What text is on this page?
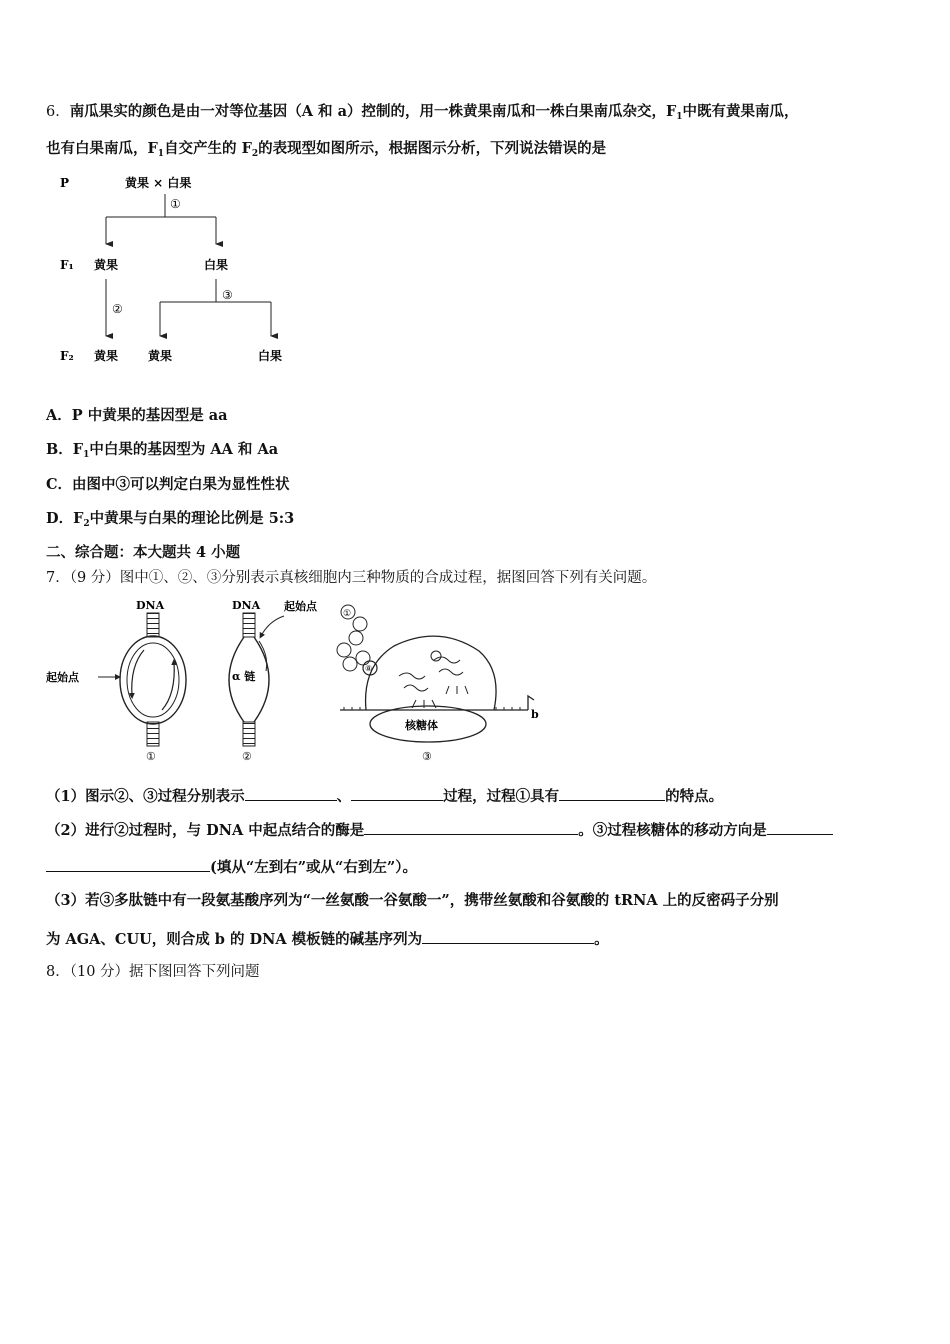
6．南瓜果实的颜色是由一对等位基因（A 和 a）控制的，用一株黄果南瓜和一株白果南瓜杂交，$F_1$中既有黄果南瓜，
也有白果南瓜，$F_1$自交产生的 $F_2$的表现型如图所示，根据图示分析，下列说法错误的是
P	黄果 × 白果
①
F₁ 黄果	白果
②
③
F₂ 黄果 黄果	白果
A．P 中黄果的基因型是 aa
B．$F_1$中白果的基因型为 AA 和 Aa
C．由图中③可以判定白果为显性性状
D．$F_2$中黄果与白果的理论比例是 5:3
二、综合题：本大题共 4 小题
7．（9 分）图中①、②、③分别表示真核细胞内三种物质的合成过程，据图回答下列有关问题。
DNA
起始点
①
DNA
α 链
起始点
②
①
⑧
核糖体
③
b
（1）图示②、③过程分别表示	、	过程，过程①具有	的特点。
（2）进行②过程时，与 DNA 中起点结合的酶是	。③过程核糖体的移动方向是
(填从“左到右”或从“右到左”）。
（3）若③多肽链中有一段氨基酸序列为“一丝氨酸一谷氨酸一”，携带丝氨酸和谷氨酸的 tRNA 上的反密码子分别
为 AGA、CUU，则合成 b 的 DNA 模板链的碱基序列为	。
8．（10 分）据下图回答下列问题
